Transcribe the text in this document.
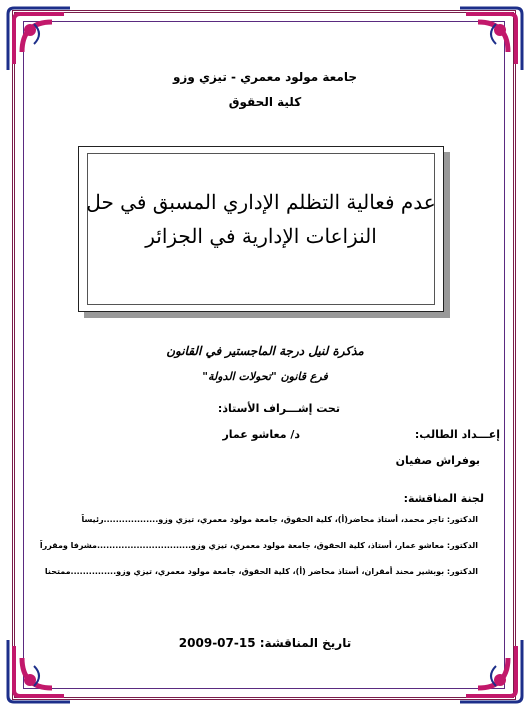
جامعة مولود معمري - تيزي وزو
كلية الحقوق
عدم فعالية التظلم الإداري المسبق في حل
النزاعات الإدارية في الجزائر
مذكرة لنيل درجة الماجستير في القانون
فرع قانون "تحولات الدولة"
تحت إشـــراف الأستاذ:
د/ معاشو عمار	إعـــداد الطالب:
بوفراش صفيان
لجنة المناقشة:
الدكتور: تاجر محمد، أستاذ محاضر(أ)، كلية الحقوق، جامعة مولود معمري، تيزي وزو..................رئيساً
الدكتور: معاشو عمار، أستاذ، كلية الحقوق، جامعة مولود معمري، تيزي وزو...............................مشرفا ومقرراً
الدكتور: بوبشير محند أمقران، أستاذ محاضر (أ)، كلية الحقوق، جامعة مولود معمري، تيزي وزو...............ممتحنا
تاريخ المناقشة: 15-07-2009
